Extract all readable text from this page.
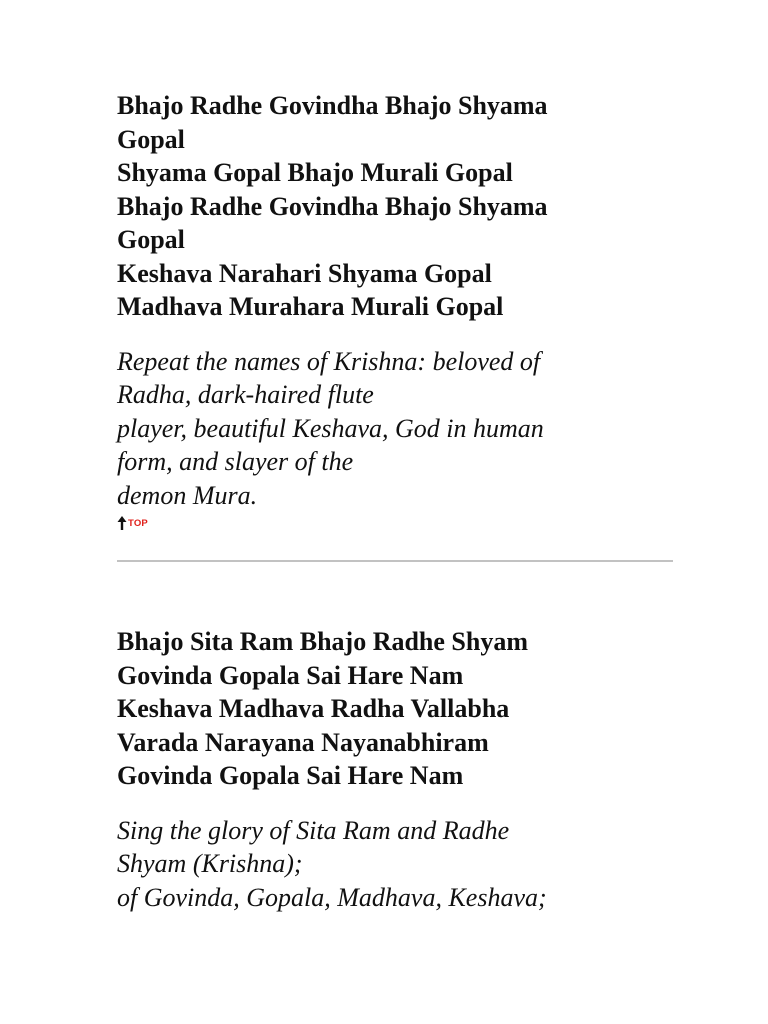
Bhajo Radhe Govindha Bhajo Shyama
Gopal
Shyama Gopal Bhajo Murali Gopal
Bhajo Radhe Govindha Bhajo Shyama
Gopal
Keshava Narahari Shyama Gopal
Madhava Murahara Murali Gopal

Repeat the names of Krishna: beloved of
Radha, dark-haired flute
player, beautiful Keshava, God in human
form, and slayer of the
demon Mura.

TOP

Bhajo Sita Ram Bhajo Radhe Shyam
Govinda Gopala Sai Hare Nam
Keshava Madhava Radha Vallabha
Varada Narayana Nayanabhiram
Govinda Gopala Sai Hare Nam

Sing the glory of Sita Ram and Radhe
Shyam (Krishna);
of Govinda, Gopala, Madhava, Keshava;
